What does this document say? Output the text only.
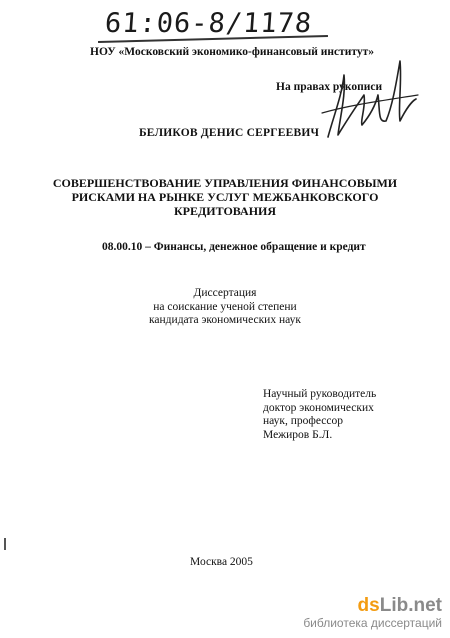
61:06-8/1178
НОУ «Московский экономико-финансовый институт»
На правах рукописи
БЕЛИКОВ ДЕНИС СЕРГЕЕВИЧ
СОВЕРШЕНСТВОВАНИЕ УПРАВЛЕНИЯ ФИНАНСОВЫМИ
РИСКАМИ НА РЫНКЕ УСЛУГ МЕЖБАНКОВСКОГО
КРЕДИТОВАНИЯ
08.00.10 – Финансы, денежное обращение и кредит
Диссертация
на соискание ученой степени
кандидата экономических наук
Научный руководитель
доктор экономических
наук, профессор
Межиров Б.Л.
Москва 2005
dsLib.net
библиотека диссертаций
